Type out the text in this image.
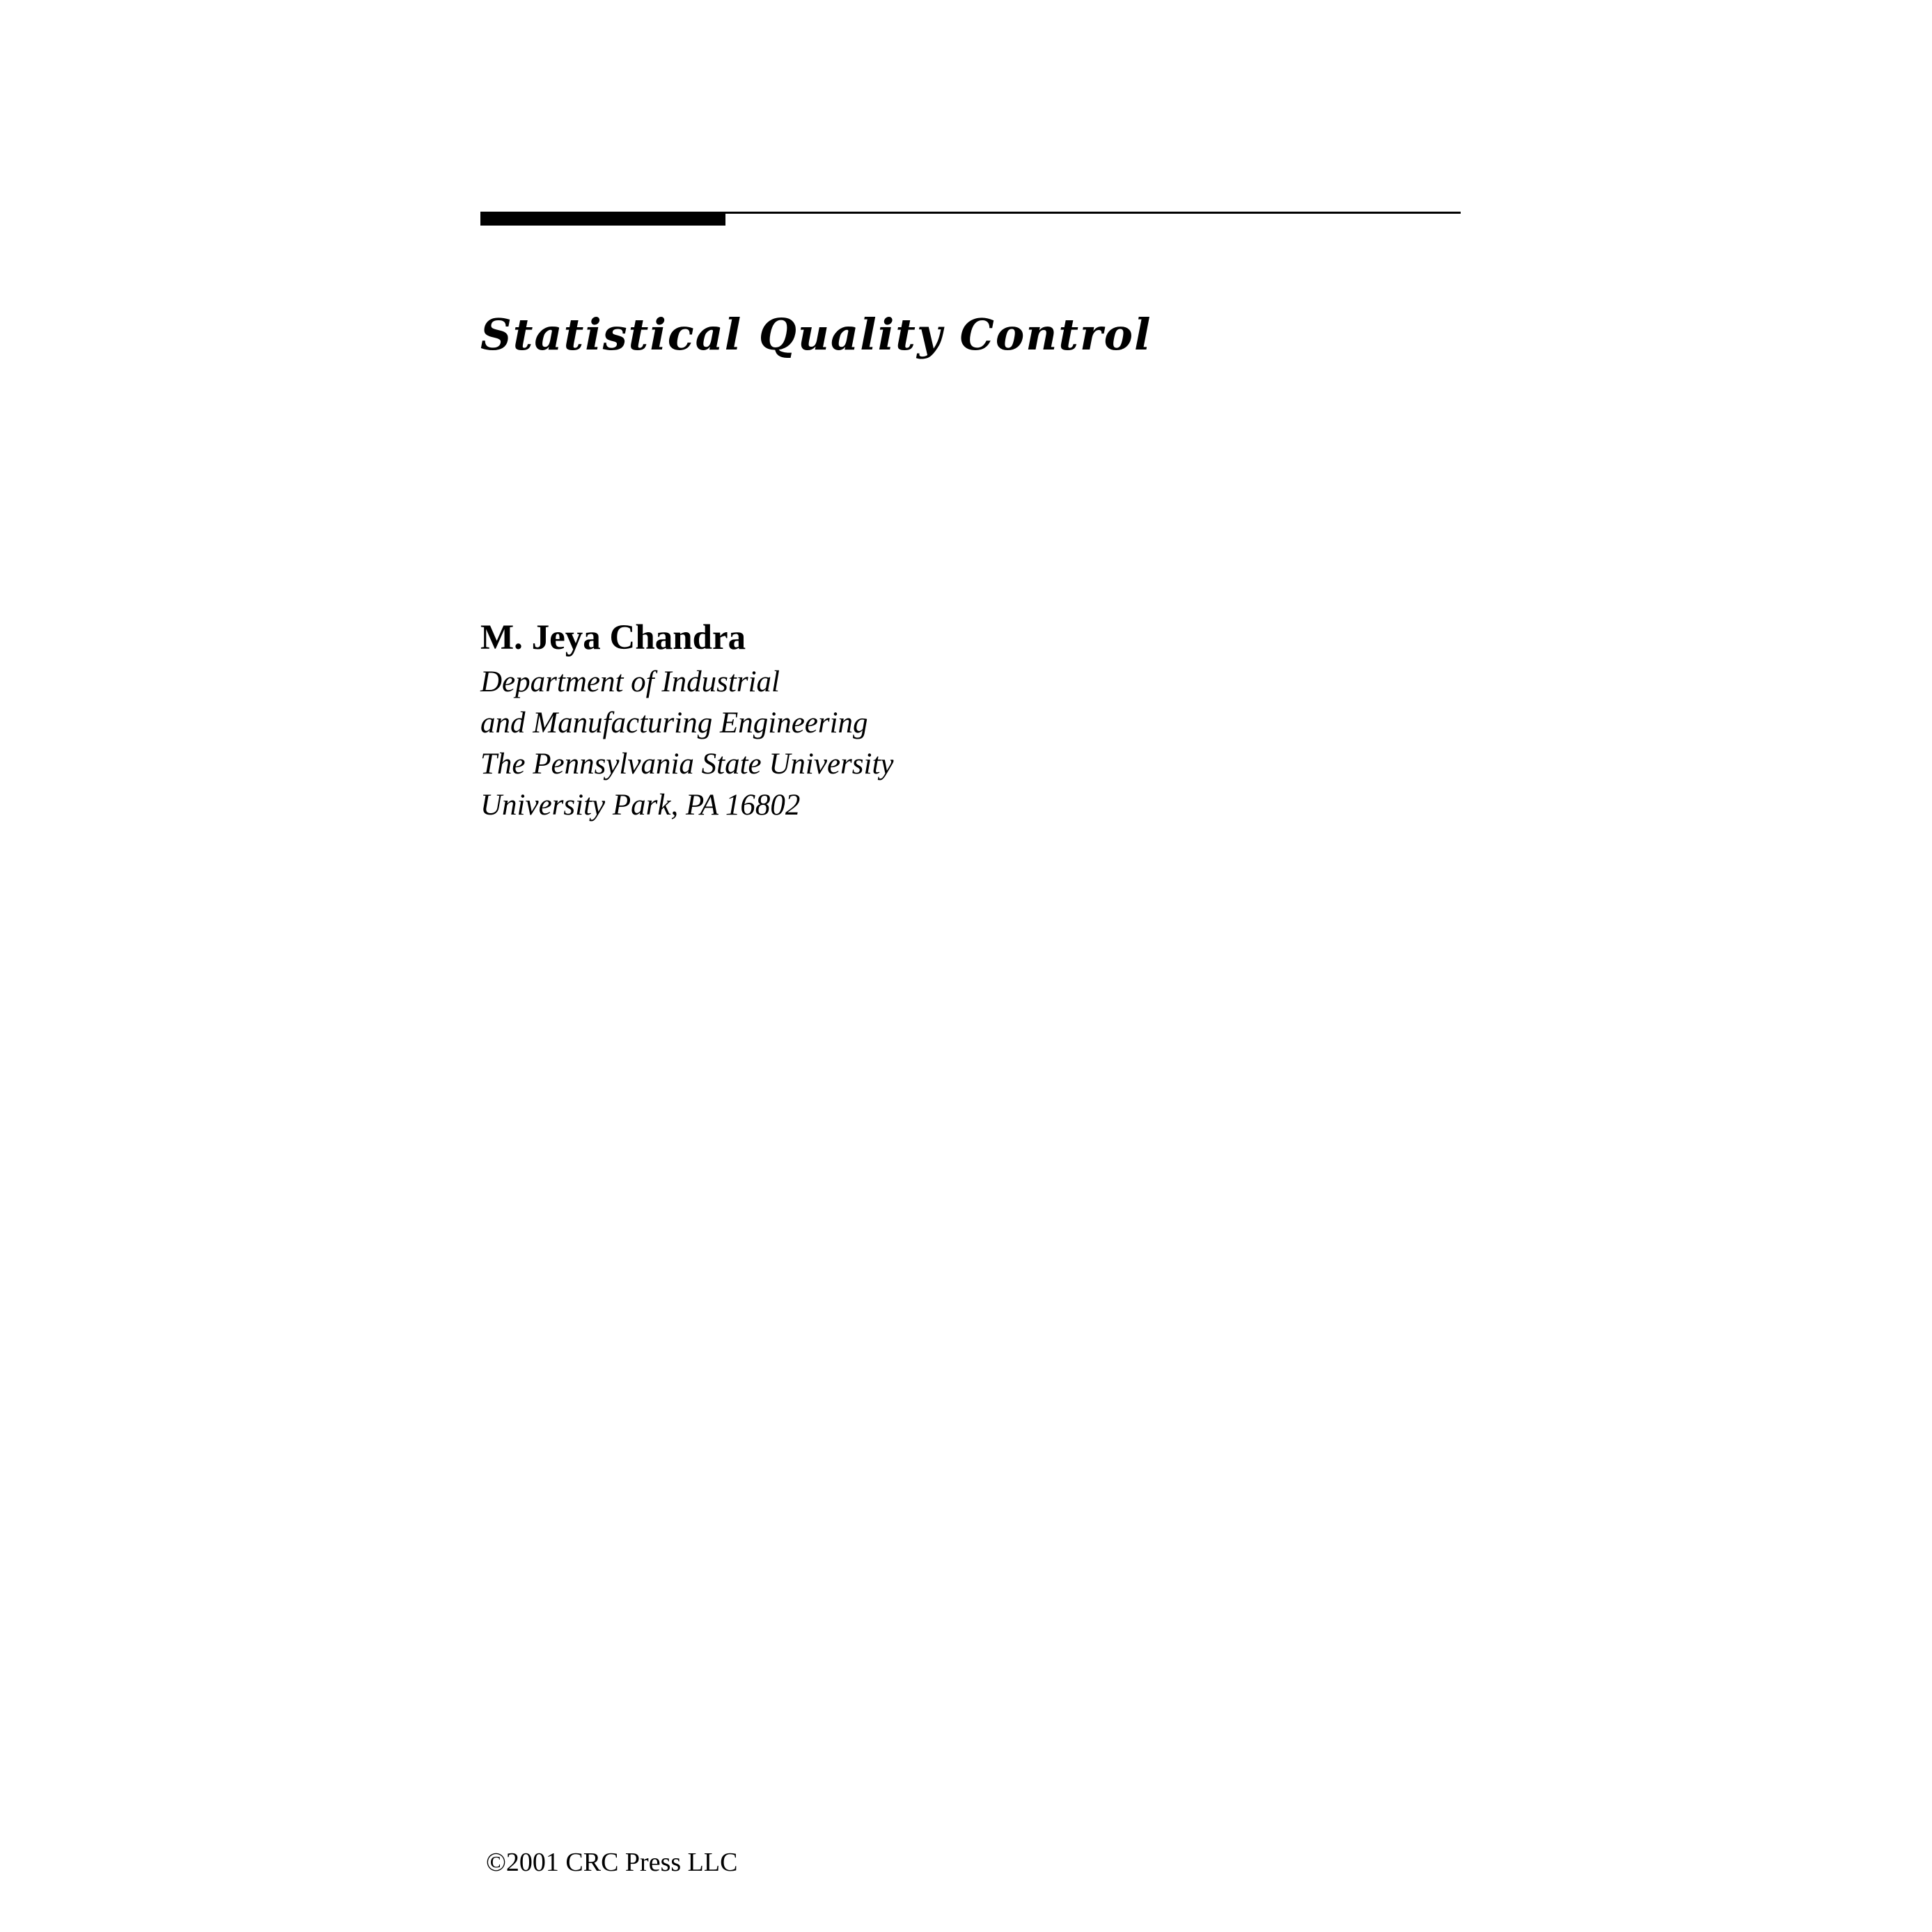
Statistical Quality Control

M. Jeya Chandra

Department of Industrial
and Manufacturing Engineering
The Pennsylvania State University
University Park, PA 16802
©2001 CRC Press LLC
